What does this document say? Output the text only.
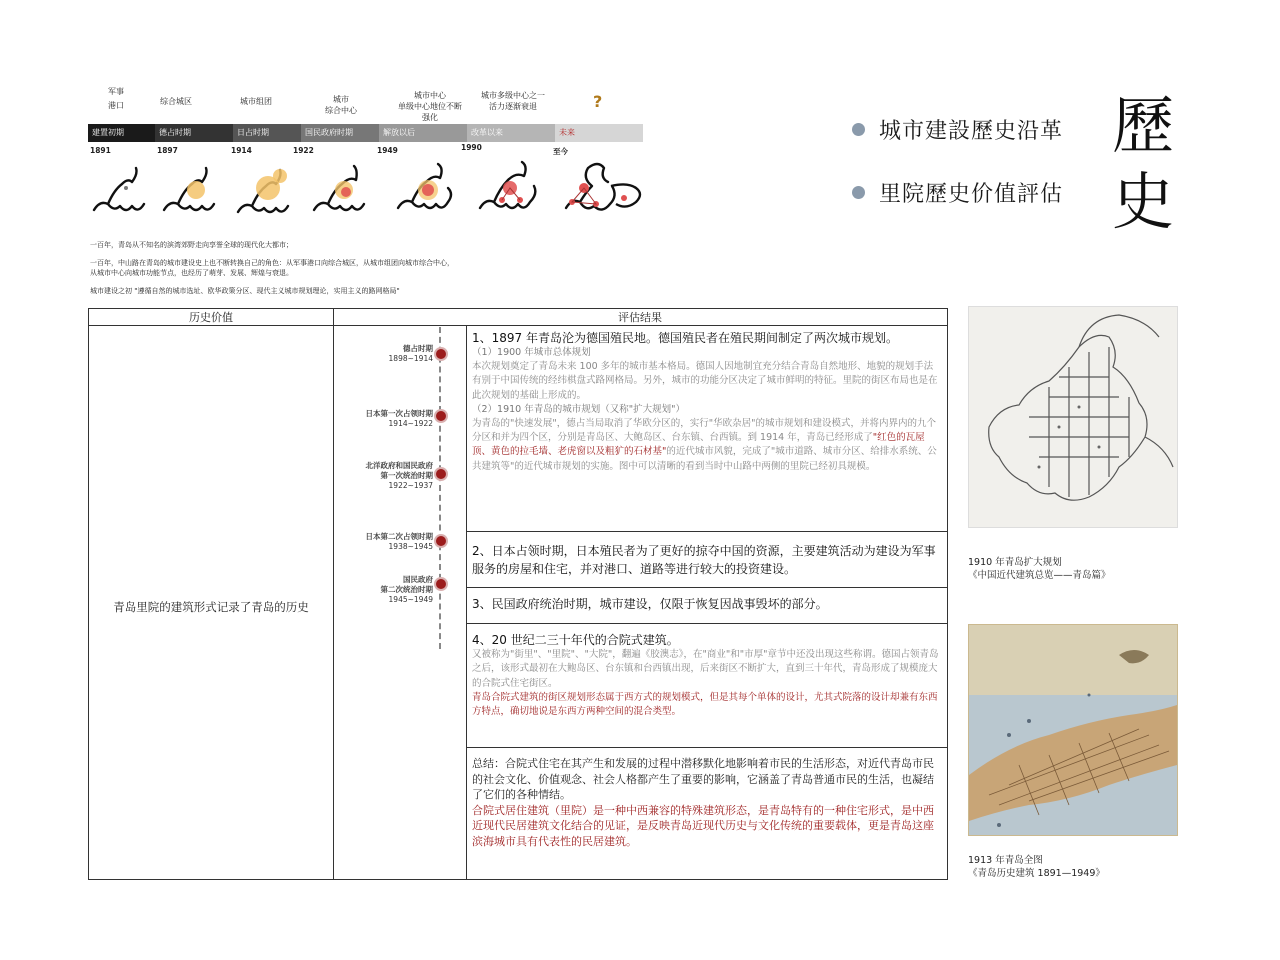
军事
港口	综合城区	城市组团	城市
综合中心
城市中心
单级中心地位不断
强化
城市多级中心之一
活力逐渐衰退	?
建置初期	德占时期	日占时期	国民政府时期	解放以后	改革以来	未来
1891	1897	1914	1922	1949	1990	至今
一百年，青岛从不知名的滨湾郊野走向享誉全球的现代化大都市；
一百年，中山路在青岛的城市建设史上也不断转换自己的角色：从军事港口向综合城区，从城市组团向城市综合中心，
从城市中心向城市功能节点，也经历了萌芽、发展、辉煌与衰退。
城市建设之初 "遵循自然的城市选址、欧华政策分区、现代主义城市规划理论，实用主义的路网格局"
城市建設歷史沿革
里院歷史价值評估
歷
史
历史价值	评估结果
青岛里院的建筑形式记录了青岛的历史
德占时期
1898~1914
日本第一次占领时期
1914~1922
北洋政府和国民政府
第一次统治时期
1922~1937
日本第二次占领时期
1938~1945
国民政府
第二次统治时期
1945~1949
1、1897 年青岛沦为德国殖民地。德国殖民者在殖民期间制定了两次城市规划。
（1）1900 年城市总体规划
本次规划奠定了青岛未来 100 多年的城市基本格局。德国人因地制宜充分结合青岛自然地形、地貌的规划手法有别于中国传统的经纬棋盘式路网格局。另外，城市的功能分区决定了城市鲜明的特征。里院的街区布局也是在此次规划的基础上形成的。
（2）1910 年青岛的城市规划（又称"扩大规划"）
为青岛的"快速发展"，德占当局取消了华欧分区的，实行"华欧杂居"的城市规划和建设模式，并将内界内的九个分区和并为四个区，分别是青岛区、大鲍岛区、台东镇、台西镇。到 1914 年，青岛已经形成了"红色的瓦屋顶、黄色的拉毛墙、老虎窗以及粗犷的石材基"的近代城市风貌，完成了"城市道路、城市分区、给排水系统、公共建筑等"的近代城市规划的实施。图中可以清晰的看到当时中山路中两侧的里院已经初具规模。
2、日本占领时期，日本殖民者为了更好的掠夺中国的资源，主要建筑活动为建设为军事服务的房屋和住宅，并对港口、道路等进行较大的投资建设。
3、民国政府统治时期，城市建设，仅限于恢复因战事毁坏的部分。
4、20 世纪二三十年代的合院式建筑。
又被称为"街里"、"里院"、"大院"，翻遍《胶澳志》，在"商业"和"市厚"章节中还没出现这些称谓。德国占领青岛之后，该形式最初在大鲍岛区、台东镇和台西镇出现，后来街区不断扩大，直到三十年代，青岛形成了规模庞大的合院式住宅街区。
青岛合院式建筑的街区规划形态属于西方式的规划模式，但是其每个单体的设计，尤其式院落的设计却兼有东西方特点，确切地说是东西方两种空间的混合类型。
总结：合院式住宅在其产生和发展的过程中潜移默化地影响着市民的生活形态，对近代青岛市民的社会文化、价值观念、社会人格都产生了重要的影响，它涵盖了青岛普通市民的生活，也凝结了它们的各种情结。
合院式居住建筑（里院）是一种中西兼容的特殊建筑形态，是青岛特有的一种住宅形式，是中西近现代民居建筑文化结合的见证，是反映青岛近现代历史与文化传统的重要载体，更是青岛这座滨海城市具有代表性的民居建筑。
1910 年青岛扩大规划
《中国近代建筑总览——青岛篇》
1913 年青岛全图
《青岛历史建筑 1891—1949》
